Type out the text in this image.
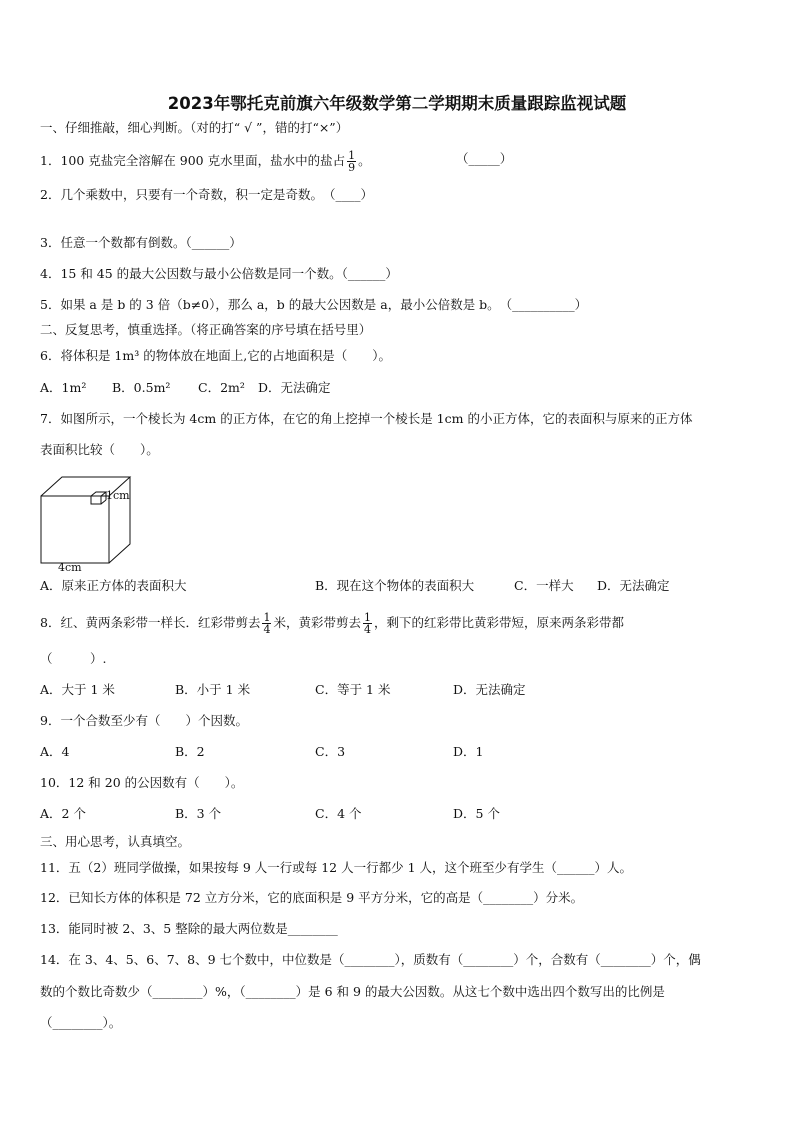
2023年鄂托克前旗六年级数学第二学期期末质量跟踪监视试题
一、仔细推敲，细心判断。（对的打“ √ ”，错的打“×”）
1．100 克盐完全溶解在 900 克水里面，盐水中的盐占 $\frac{1}{9}$ 。	（_____）
2．几个乘数中，只要有一个奇数，积一定是奇数。　（____）
3．任意一个数都有倒数。（______）
4．15 和 45 的最大公因数与最小公倍数是同一个数。（______）
5．如果 a 是 b 的 3 倍（b≠0），那么 a，b 的最大公因数是 a，最小公倍数是 b。　（__________）
二、反复思考，慎重选择。（将正确答案的序号填在括号里）
6．将体积是 1m³ 的物体放在地面上,它的占地面积是（　　）。
A．1m² B．0.5m² C．2m² D．无法确定
7．如图所示，一个棱长为 4cm 的正方体，在它的角上挖掉一个棱长是 1cm 的小正方体，它的表面积与原来的正方体
表面积比较（　　）。
1cm
4cm
A．原来正方体的表面积大	B．现在这个物体的表面积大	C．一样大 D．无法确定
8．红、黄两条彩带一样长．红彩带剪去 $\frac{1}{4}$ 米，黄彩带剪去 $\frac{1}{4}$ ，剩下的红彩带比黄彩带短，原来两条彩带都
（　　　）.
A．大于 1 米	B．小于 1 米	C．等于 1 米	D．无法确定
9．一个合数至少有（　　）个因数。
A．4	B．2	C．3	D．1
10．12 和 20 的公因数有（　　）。
A．2 个	B．3 个	C．4 个	D．5 个
三、用心思考，认真填空。
11．五（2）班同学做操，如果按每 9 人一行或每 12 人一行都少 1 人，这个班至少有学生（______）人。
12．已知长方体的体积是 72 立方分米，它的底面积是 9 平方分米，它的高是（________）分米。
13．能同时被 2、3、5 整除的最大两位数是________
14．在 3、4、5、6、7、8、9 七个数中，中位数是（________），质数有（________）个，合数有（________）个，偶
数的个数比奇数少（________）%，（________）是 6 和 9 的最大公因数。从这七个数中选出四个数写出的比例是
（________）。
